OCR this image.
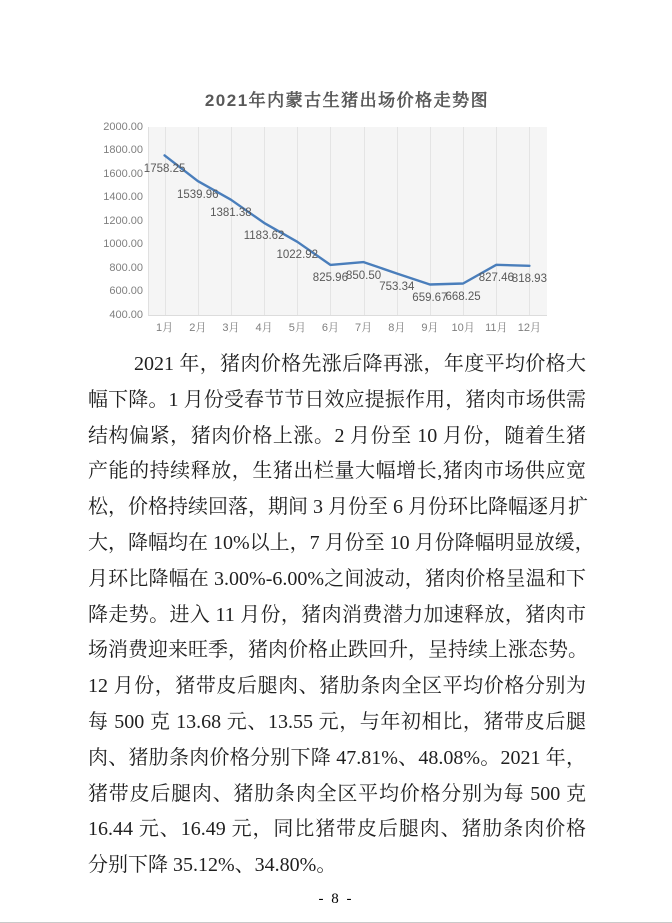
2021年内蒙古生猪出场价格走势图
2000.00
1800.00
1600.00
1400.00
1200.00
1000.00
800.00
600.00
400.00
1月	2月	3月	4月	5月	6月	7月	8月	9月	10月 11月 12月
1758.25
1539.96
1381.38
1183.62
1022.92
825.96
850.50
753.34
659.67
668.25
827.46
818.93
2021 年，猪肉价格先涨后降再涨，年度平均价格大
幅下降。1 月份受春节节日效应提振作用，猪肉市场供需
结构偏紧，猪肉价格上涨。2 月份至 10 月份，随着生猪
产能的持续释放，生猪出栏量大幅增长,猪肉市场供应宽
松，价格持续回落，期间 3 月份至 6 月份环比降幅逐月扩
大，降幅均在 10%以上，7 月份至 10 月份降幅明显放缓，
月环比降幅在 3.00%-6.00%之间波动，猪肉价格呈温和下
降走势。进入 11 月份，猪肉消费潜力加速释放，猪肉市
场消费迎来旺季，猪肉价格止跌回升，呈持续上涨态势。
12 月份，猪带皮后腿肉、猪肋条肉全区平均价格分别为
每 500 克 13.68 元、13.55 元，与年初相比，猪带皮后腿
肉、猪肋条肉价格分别下降 47.81%、48.08%。2021 年，
猪带皮后腿肉、猪肋条肉全区平均价格分别为每 500 克
16.44 元、16.49 元，同比猪带皮后腿肉、猪肋条肉价格
分别下降 35.12%、34.80%。
- 8 -
